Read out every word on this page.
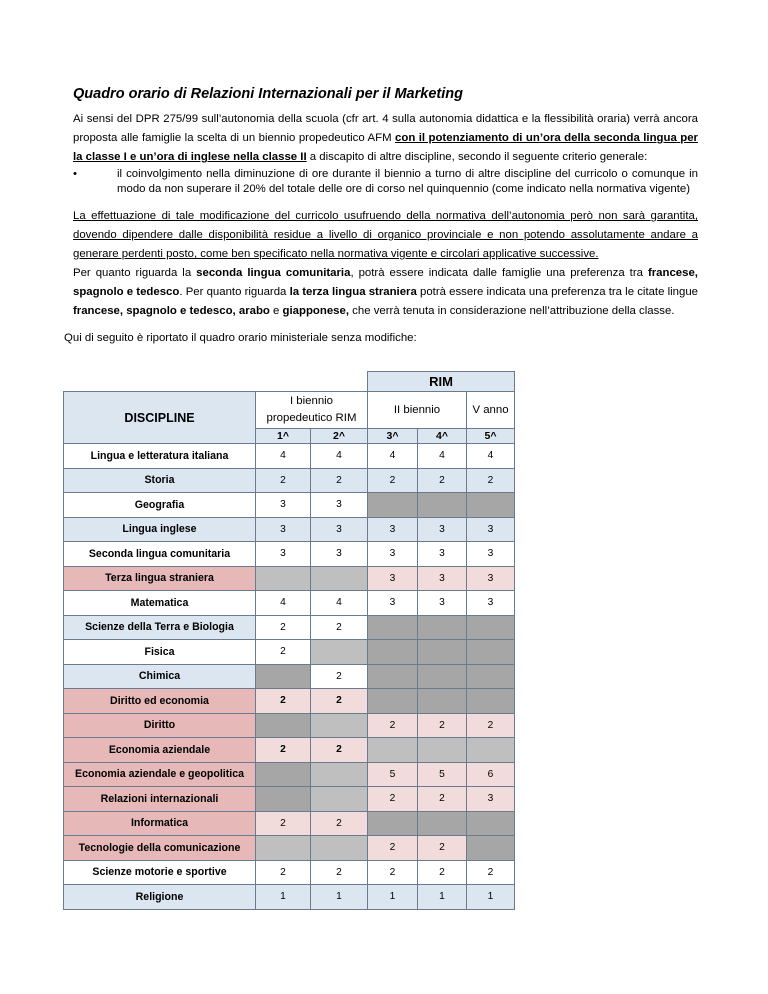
Quadro orario di Relazioni Internazionali per il Marketing

Ai sensi del DPR 275/99 sull’autonomia della scuola (cfr art. 4 sulla autonomia didattica e la flessibilità oraria) verrà ancora proposta alle famiglie la scelta di un biennio propedeutico AFM con il potenziamento di un’ora della seconda lingua per la classe I e un’ora di inglese nella classe II a discapito di altre discipline, secondo il seguente criterio generale:

•	il coinvolgimento nella diminuzione di ore durante il biennio a turno di altre discipline del curricolo o comunque in modo da non superare il 20% del totale delle ore di corso nel quinquennio (come indicato nella normativa vigente)

La effettuazione di tale modificazione del curricolo usufruendo della normativa dell’autonomia però non sarà garantita, dovendo dipendere dalle disponibilità residue a livello di organico provinciale e non potendo assolutamente andare a generare perdenti posto, come ben specificato nella normativa vigente e circolari applicative successive.

Per quanto riguarda la seconda lingua comunitaria, potrà essere indicata dalle famiglie una preferenza tra francese, spagnolo e tedesco. Per quanto riguarda la terza lingua straniera potrà essere indicata una preferenza tra le citate lingue francese, spagnolo e tedesco, arabo e giapponese, che verrà tenuta in considerazione nell’attribuzione della classe.

Qui di seguito è riportato il quadro orario ministeriale senza modifiche:
			RIM		
DISCIPLINE	I biennio propedeutico RIM		II biennio		V anno
	1^	2^	3^	4^	5^
Lingua e letteratura italiana	4	4	4	4	4
Storia	2	2	2	2	2
Geografia	3	3			
Lingua inglese	3	3	3	3	3
Seconda lingua comunitaria	3	3	3	3	3
Terza lingua straniera			3	3	3
Matematica	4	4	3	3	3
Scienze della Terra e Biologia	2	2			
Fisica	2				
Chimica		2			
Diritto ed economia	2	2			
Diritto			2	2	2
Economia aziendale	2	2			
Economia aziendale e geopolitica			5	5	6
Relazioni internazionali			2	2	3
Informatica	2	2			
Tecnologie della comunicazione			2	2	
Scienze motorie e sportive	2	2	2	2	2
Religione	1	1	1	1	1
